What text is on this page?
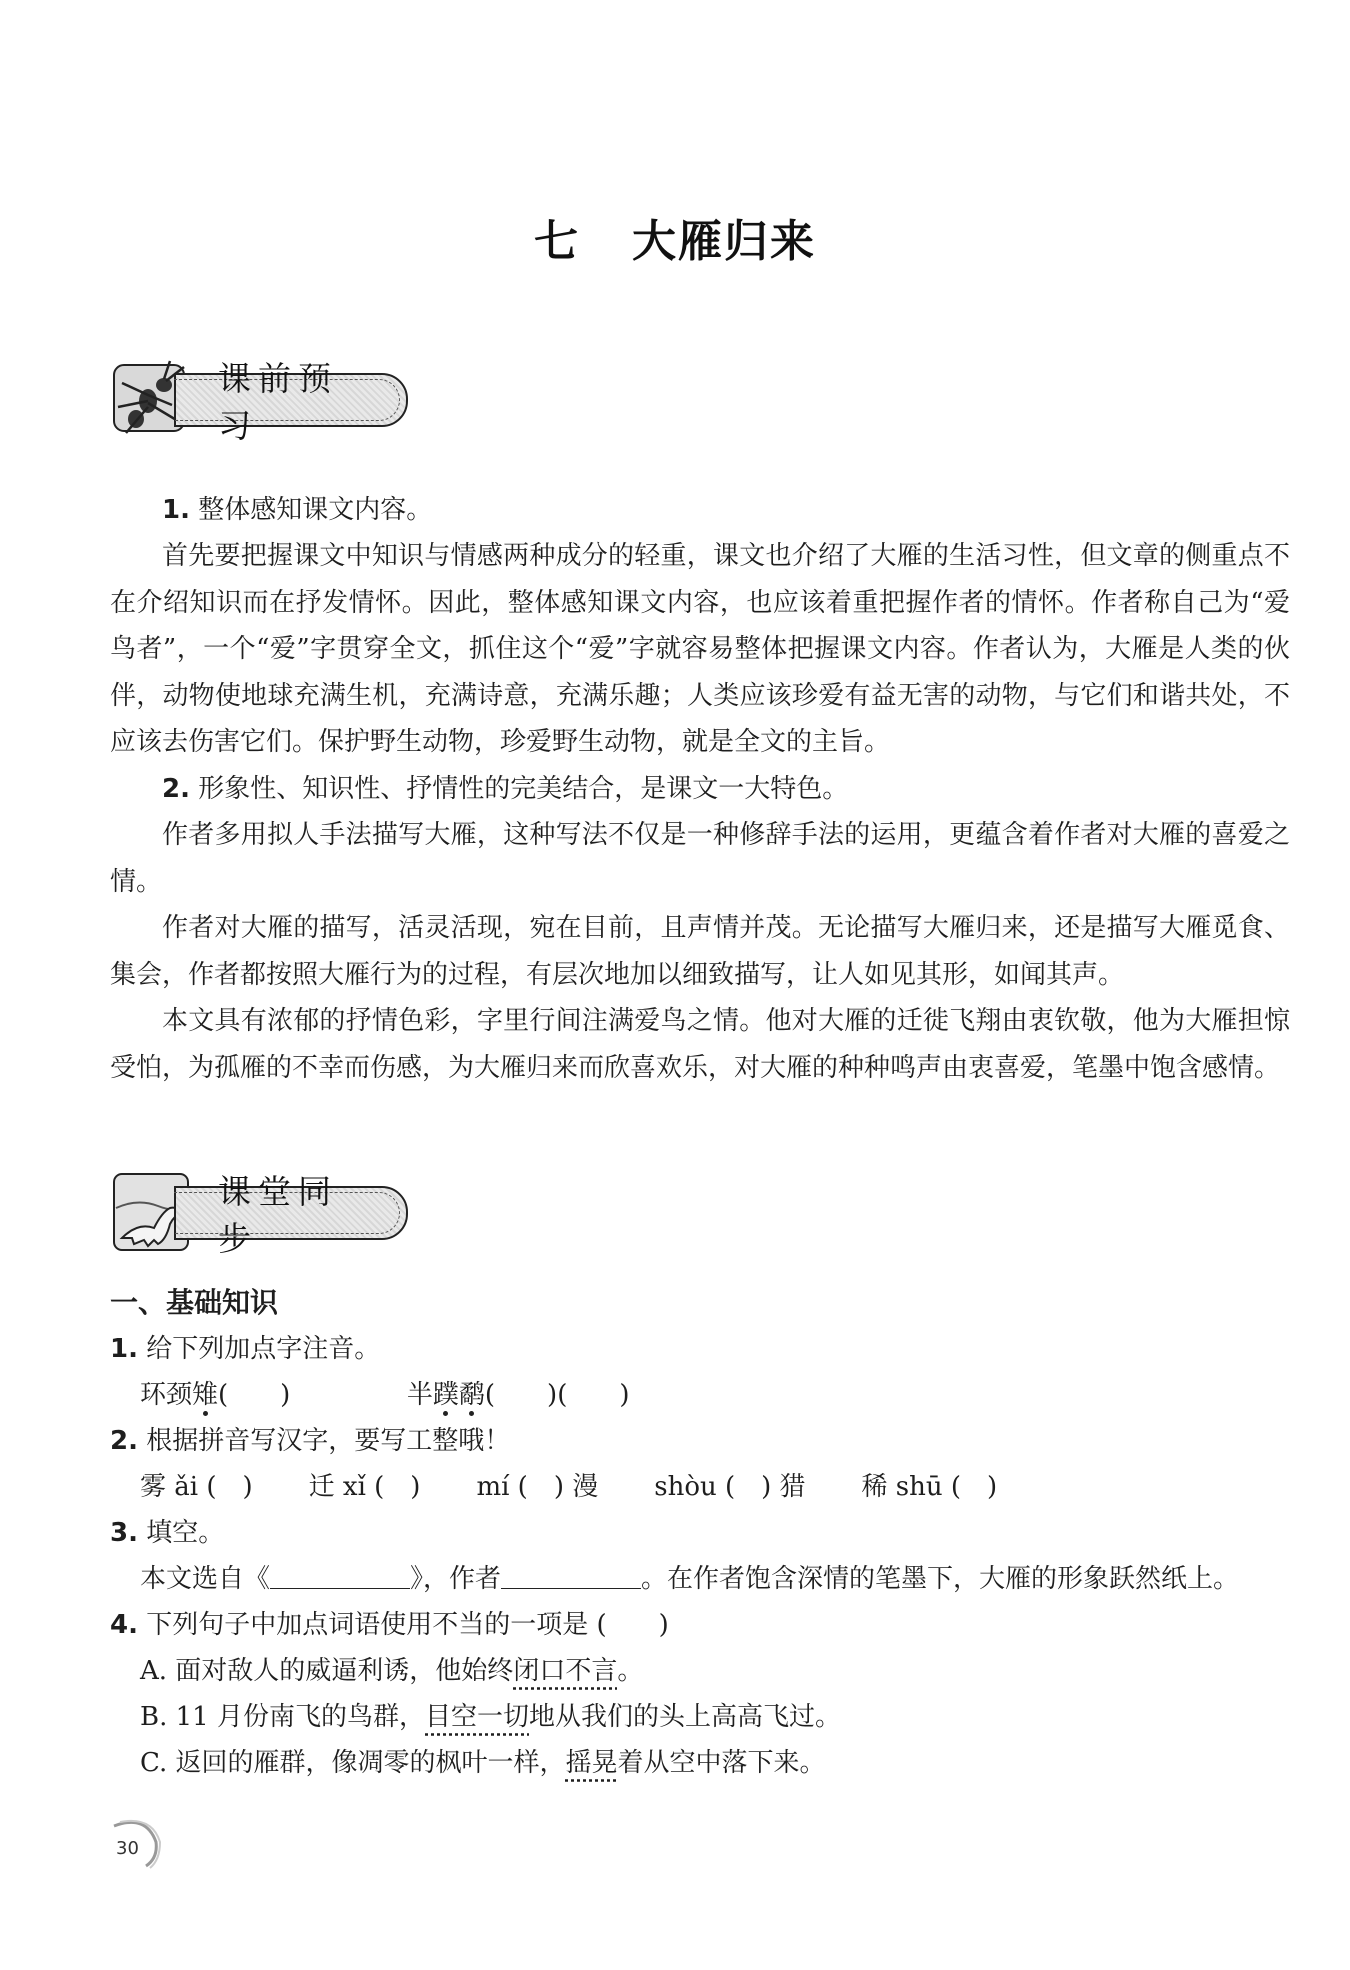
七 大雁归来
课前预习
1. 整体感知课文内容。
首先要把握课文中知识与情感两种成分的轻重，课文也介绍了大雁的生活习性，但文章的侧重点不在介绍知识而在抒发情怀。因此，整体感知课文内容，也应该着重把握作者的情怀。作者称自己为“爱鸟者”，一个“爱”字贯穿全文，抓住这个“爱”字就容易整体把握课文内容。作者认为，大雁是人类的伙伴，动物使地球充满生机，充满诗意，充满乐趣；人类应该珍爱有益无害的动物，与它们和谐共处，不应该去伤害它们。保护野生动物，珍爱野生动物，就是全文的主旨。
2. 形象性、知识性、抒情性的完美结合，是课文一大特色。
作者多用拟人手法描写大雁，这种写法不仅是一种修辞手法的运用，更蕴含着作者对大雁的喜爱之情。
作者对大雁的描写，活灵活现，宛在目前，且声情并茂。无论描写大雁归来，还是描写大雁觅食、集会，作者都按照大雁行为的过程，有层次地加以细致描写，让人如见其形，如闻其声。
本文具有浓郁的抒情色彩，字里行间注满爱鸟之情。他对大雁的迁徙飞翔由衷钦敬，他为大雁担惊受怕，为孤雁的不幸而伤感，为大雁归来而欣喜欢乐，对大雁的种种鸣声由衷喜爱，笔墨中饱含感情。
课堂同步
一、基础知识
1. 给下列加点字注音。
环颈雉(　　)	半蹼鹬(　　)(　　)
2. 根据拼音写汉字，要写工整哦！
雾 ǎi (　) 迁 xǐ (　) mí (　) 漫 shòu (　) 猎 稀 shū (　)
3. 填空。
本文选自《	》，作者	。在作者饱含深情的笔墨下，大雁的形象跃然纸上。
4. 下列句子中加点词语使用不当的一项是 (　　)
A. 面对敌人的威逼利诱，他始终闭口不言。
B. 11 月份南飞的鸟群，目空一切地从我们的头上高高飞过。
C. 返回的雁群，像凋零的枫叶一样，摇晃着从空中落下来。
30
